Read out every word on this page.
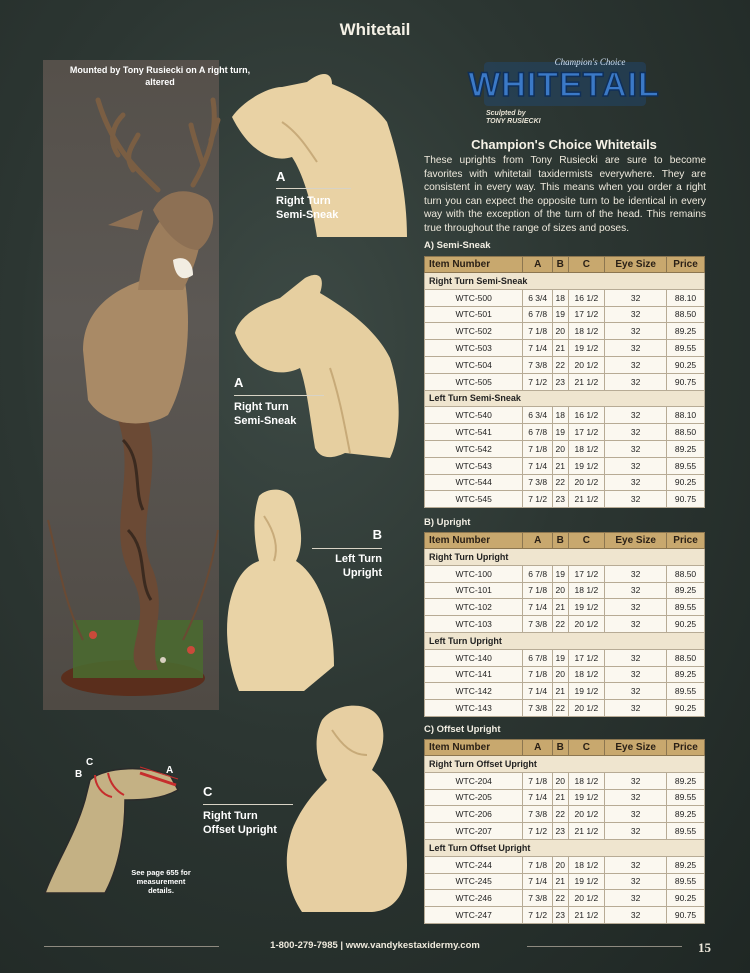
Whitetail
Mounted by Tony Rusiecki on A right turn, altered	WHITETAIL
Champion's Choice
Sculpted by
TONY RUSIECKI
Champion's Choice Whitetails
These uprights from Tony Rusiecki are sure to become favorites with whitetail taxidermists everywhere. They are consistent in every way. This means when you order a right turn you can expect the opposite turn to be identical in every way with the exception of the turn of the head. This remains true throughout the range of sizes and poses.
A
Right Turn
Semi-Sneak
A
Right Turn
Semi-Sneak
B
Left Turn
Upright
C
Right Turn
Offset Upright
C
B	A
See page 655 for measurement details.
A) Semi-Sneak
Item Number	A	B	C	Eye Size	Price
Right Turn Semi-Sneak					
WTC-500	6 3/4	18	16 1/2	32	88.10
WTC-501	6 7/8	19	17 1/2	32	88.50
WTC-502	7 1/8	20	18 1/2	32	89.25
WTC-503	7 1/4	21	19 1/2	32	89.55
WTC-504	7 3/8	22	20 1/2	32	90.25
WTC-505	7 1/2	23	21 1/2	32	90.75
Left Turn Semi-Sneak					
WTC-540	6 3/4	18	16 1/2	32	88.10
WTC-541	6 7/8	19	17 1/2	32	88.50
WTC-542	7 1/8	20	18 1/2	32	89.25
WTC-543	7 1/4	21	19 1/2	32	89.55
WTC-544	7 3/8	22	20 1/2	32	90.25
WTC-545	7 1/2	23	21 1/2	32	90.75
B) Upright
Item Number	A	B	C	Eye Size	Price
Right Turn Upright					
WTC-100	6 7/8	19	17 1/2	32	88.50
WTC-101	7 1/8	20	18 1/2	32	89.25
WTC-102	7 1/4	21	19 1/2	32	89.55
WTC-103	7 3/8	22	20 1/2	32	90.25
Left Turn Upright					
WTC-140	6 7/8	19	17 1/2	32	88.50
WTC-141	7 1/8	20	18 1/2	32	89.25
WTC-142	7 1/4	21	19 1/2	32	89.55
WTC-143	7 3/8	22	20 1/2	32	90.25
C) Offset Upright
Item Number	A	B	C	Eye Size	Price
Right Turn Offset Upright					
WTC-204	7 1/8	20	18 1/2	32	89.25
WTC-205	7 1/4	21	19 1/2	32	89.55
WTC-206	7 3/8	22	20 1/2	32	89.25
WTC-207	7 1/2	23	21 1/2	32	89.55
Left Turn Offset Upright					
WTC-244	7 1/8	20	18 1/2	32	89.25
WTC-245	7 1/4	21	19 1/2	32	89.55
WTC-246	7 3/8	22	20 1/2	32	90.25
WTC-247	7 1/2	23	21 1/2	32	90.75
1-800-279-7985 | www.vandykestaxidermy.com	15
